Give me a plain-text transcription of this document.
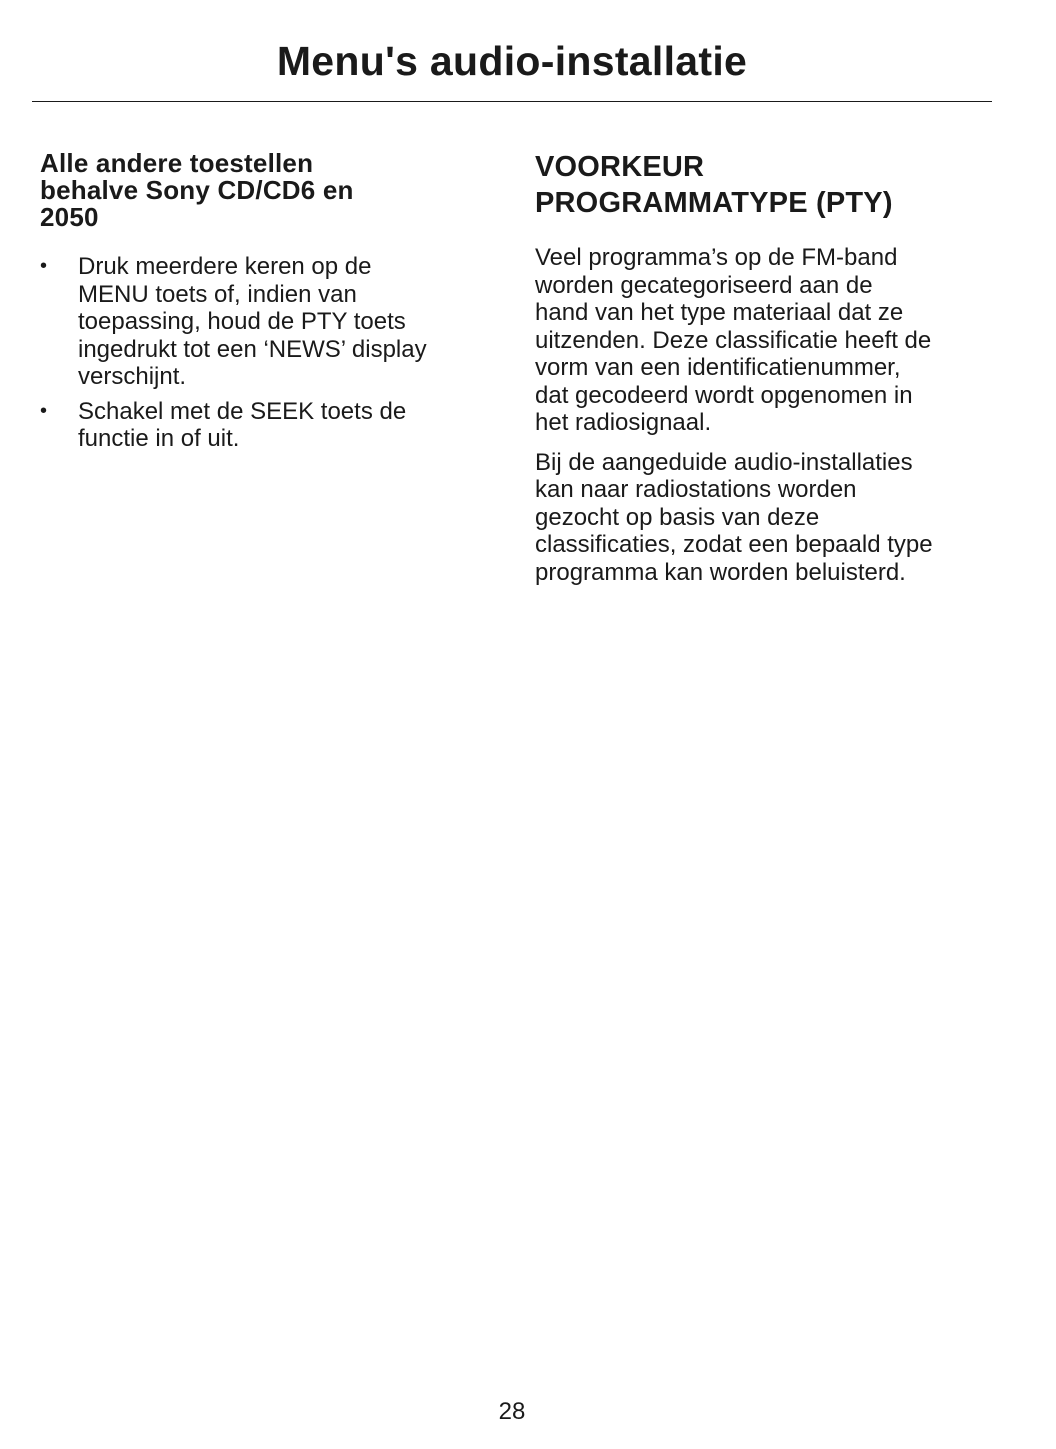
Menu's audio-installatie
Alle andere toestellen
behalve Sony CD/CD6 en
2050
• Druk meerdere keren op de
MENU toets of, indien van
toepassing, houd de PTY toets
ingedrukt tot een ‘NEWS’ display
verschijnt.
• Schakel met de SEEK toets de
functie in of uit.
VOORKEUR
PROGRAMMATYPE (PTY)

Veel programma’s op de FM-band
worden gecategoriseerd aan de
hand van het type materiaal dat ze
uitzenden. Deze classificatie heeft de
vorm van een identificatienummer,
dat gecodeerd wordt opgenomen in
het radiosignaal.

Bij de aangeduide audio-installaties
kan naar radiostations worden
gezocht op basis van deze
classificaties, zodat een bepaald type
programma kan worden beluisterd.

28
